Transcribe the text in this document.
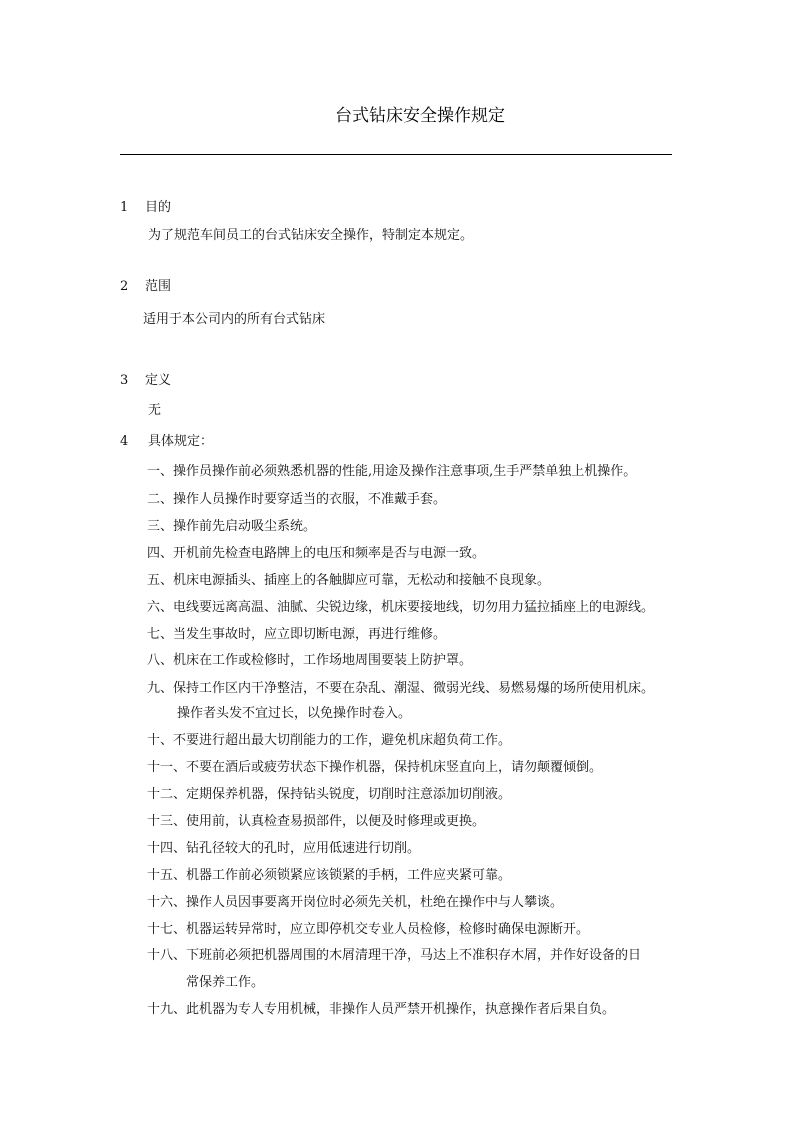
台式钻床安全操作规定
1 目的
为了规范车间员工的台式钻床安全操作，特制定本规定。
2 范围
适用于本公司内的所有台式钻床
3 定义
无
4 具体规定：
一、操作员操作前必须熟悉机器的性能,用途及操作注意事项,生手严禁单独上机操作。
二、操作人员操作时要穿适当的衣服，不准戴手套。
三、操作前先启动吸尘系统。
四、开机前先检查电路牌上的电压和频率是否与电源一致。
五、机床电源插头、插座上的各触脚应可靠，无松动和接触不良现象。
六、电线要远离高温、油腻、尖锐边缘，机床要接地线，切勿用力猛拉插座上的电源线。
七、当发生事故时，应立即切断电源，再进行维修。
八、机床在工作或检修时，工作场地周围要装上防护罩。
九、保持工作区内干净整洁，不要在杂乱、潮湿、微弱光线、易燃易爆的场所使用机床。
操作者头发不宜过长，以免操作时卷入。
十、不要进行超出最大切削能力的工作，避免机床超负荷工作。
十一、不要在酒后或疲劳状态下操作机器，保持机床竖直向上，请勿颠覆倾倒。
十二、定期保养机器，保持钻头锐度，切削时注意添加切削液。
十三、使用前，认真检查易损部件，以便及时修理或更换。
十四、钻孔径较大的孔时，应用低速进行切削。
十五、机器工作前必须锁紧应该锁紧的手柄，工件应夹紧可靠。
十六、操作人员因事要离开岗位时必须先关机，杜绝在操作中与人攀谈。
十七、机器运转异常时，应立即停机交专业人员检修，检修时确保电源断开。
十八、下班前必须把机器周围的木屑清理干净，马达上不准积存木屑，并作好设备的日
常保养工作。
十九、此机器为专人专用机械，非操作人员严禁开机操作，执意操作者后果自负。
